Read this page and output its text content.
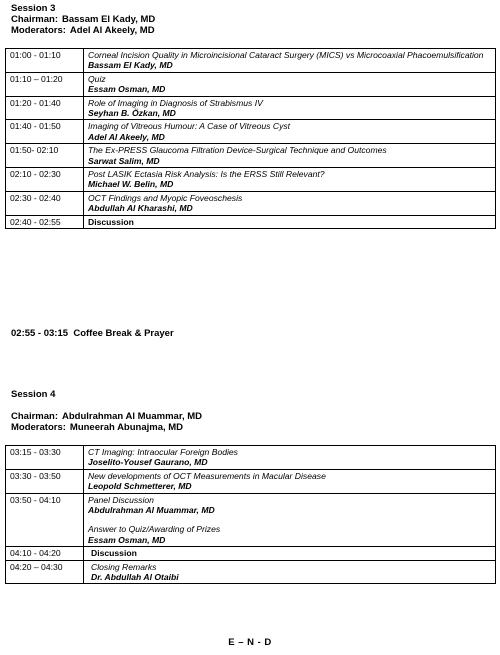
Session 3
Chairman: Bassam El Kady, MD
Moderators: Adel Al Akeely, MD
01:00 - 01:10	Corneal Incision Quality in Microincisional Cataract Surgery (MICS) vs Microcoaxial Phacoemulsification
Bassam El Kady, MD

01:10 – 01:20	Quiz
Essam Osman, MD

01:20 - 01:40	Role of Imaging in Diagnosis of Strabismus IV
Seyhan B. Özkan, MD

01:40 - 01:50	Imaging of Vitreous Humour: A Case of Vitreous Cyst
Adel Al Akeely, MD

01:50- 02:10	The Ex-PRESS Glaucoma Filtration Device-Surgical Technique and Outcomes
Sarwat Salim, MD

02:10 - 02:30	Post LASIK Ectasia Risk Analysis: Is the ERSS Still Relevant?
Michael W. Belin, MD

02:30 - 02:40	OCT Findings and Myopic Foveoschesis
Abdullah Al Kharashi, MD

02:40 - 02:55	Discussion
02:55 - 03:15 Coffee Break & Prayer
Session 4
Chairman: Abdulrahman Al Muammar, MD
Moderators: Muneerah Abunajma, MD
03:15 - 03:30	CT Imaging: Intraocular Foreign Bodies
Joselito-Yousef Gaurano, MD

03:30 - 03:50	New developments of OCT Measurements in Macular Disease
Leopold Schmetterer, MD

03:50 - 04:10	Panel Discussion
Abdulrahman Al Muammar, MD
Answer to Quiz/Awarding of Prizes
Essam Osman, MD

04:10 - 04:20	Discussion

04:20 – 04:30	Closing Remarks
Dr. Abdullah Al Otaibi
E – N - D
